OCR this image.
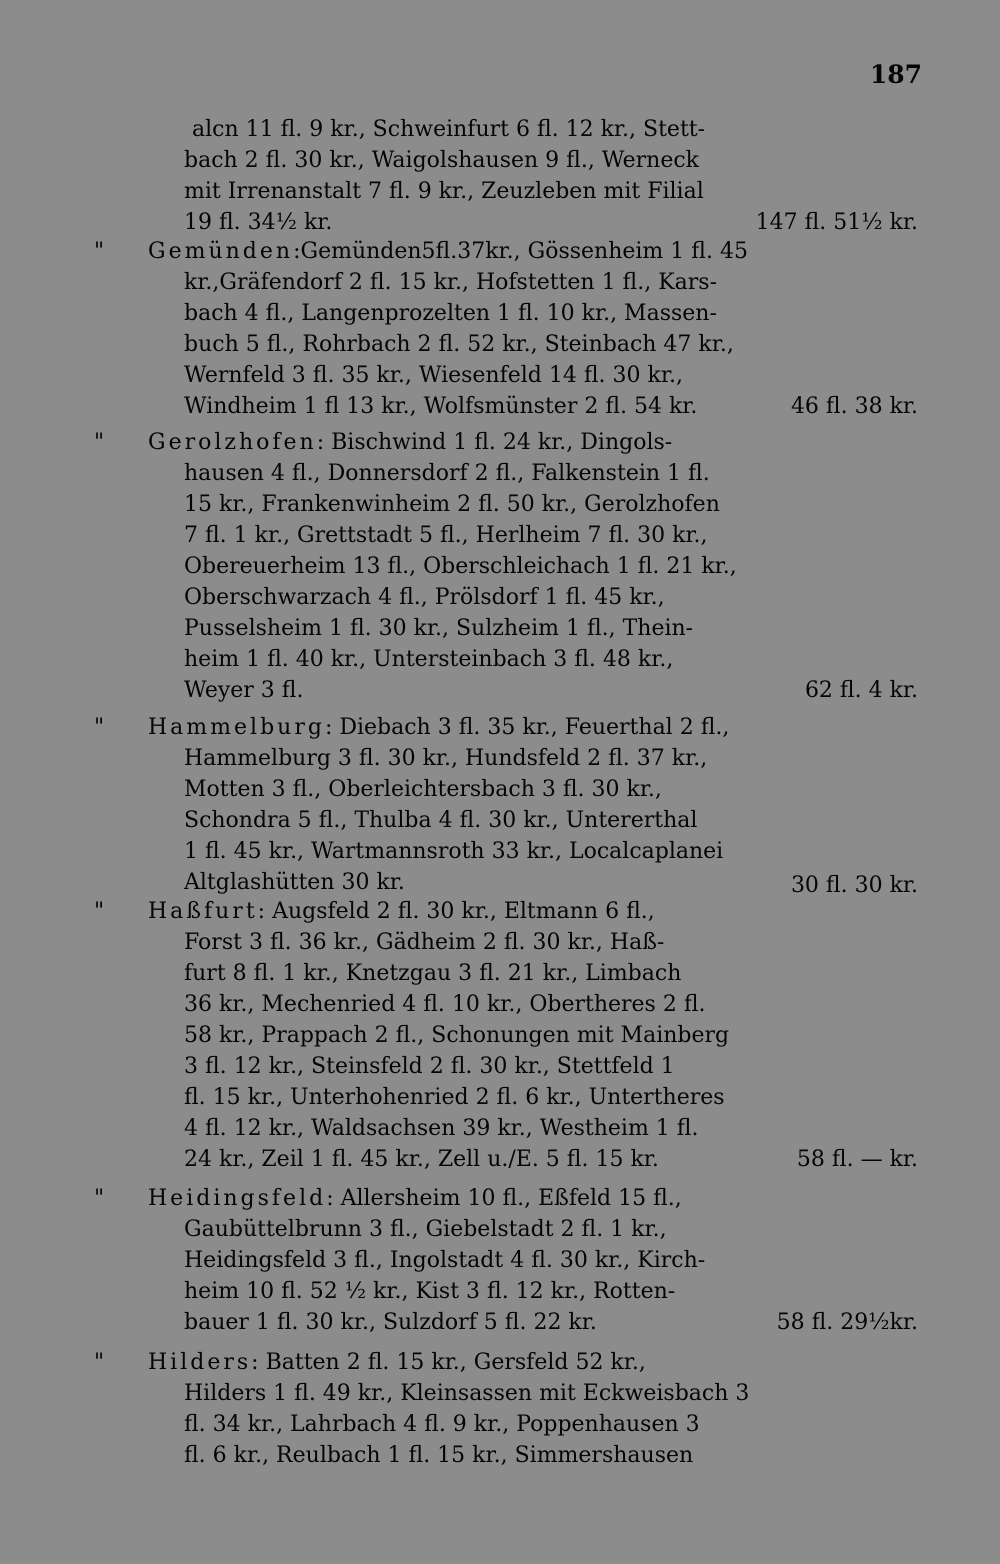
187
alcn 11 fl. 9 kr., Schweinfurt 6 fl. 12 kr., Stett-
bach 2 fl. 30 kr., Waigolshausen 9 fl., Werneck
mit Irrenanstalt 7 fl. 9 kr., Zeuzleben mit Filial
19 fl. 34½ kr.	147 fl. 51½ kr.
" Gemünden:Gemünden5fl.37kr., Gössenheim 1 fl. 45
kr.,Gräfendorf 2 fl. 15 kr., Hofstetten 1 fl., Kars-
bach 4 fl., Langenprozelten 1 fl. 10 kr., Massen-
buch 5 fl., Rohrbach 2 fl. 52 kr., Steinbach 47 kr.,
Wernfeld 3 fl. 35 kr., Wiesenfeld 14 fl. 30 kr.,
Windheim 1 fl 13 kr., Wolfsmünster 2 fl. 54 kr.	46 fl. 38 kr.
" Gerolzhofen: Bischwind 1 fl. 24 kr., Dingols-
hausen 4 fl., Donnersdorf 2 fl., Falkenstein 1 fl.
15 kr., Frankenwinheim 2 fl. 50 kr., Gerolzhofen
7 fl. 1 kr., Grettstadt 5 fl., Herlheim 7 fl. 30 kr.,
Obereuerheim 13 fl., Oberschleichach 1 fl. 21 kr.,
Oberschwarzach 4 fl., Prölsdorf 1 fl. 45 kr.,
Pusselsheim 1 fl. 30 kr., Sulzheim 1 fl., Thein-
heim 1 fl. 40 kr., Untersteinbach 3 fl. 48 kr.,
Weyer 3 fl.	62 fl. 4 kr.
" Hammelburg: Diebach 3 fl. 35 kr., Feuerthal 2 fl.,
Hammelburg 3 fl. 30 kr., Hundsfeld 2 fl. 37 kr.,
Motten 3 fl., Oberleichtersbach 3 fl. 30 kr.,
Schondra 5 fl., Thulba 4 fl. 30 kr., Untererthal
1 fl. 45 kr., Wartmannsroth 33 kr., Localcaplanei
Altglashütten 30 kr.	30 fl. 30 kr.
" Haßfurt: Augsfeld 2 fl. 30 kr., Eltmann 6 fl.,
Forst 3 fl. 36 kr., Gädheim 2 fl. 30 kr., Haß-
furt 8 fl. 1 kr., Knetzgau 3 fl. 21 kr., Limbach
36 kr., Mechenried 4 fl. 10 kr., Obertheres 2 fl.
58 kr., Prappach 2 fl., Schonungen mit Mainberg
3 fl. 12 kr., Steinsfeld 2 fl. 30 kr., Stettfeld 1
fl. 15 kr., Unterhohenried 2 fl. 6 kr., Untertheres
4 fl. 12 kr., Waldsachsen 39 kr., Westheim 1 fl.
24 kr., Zeil 1 fl. 45 kr., Zell u./E. 5 fl. 15 kr.	58 fl. — kr.
" Heidingsfeld: Allersheim 10 fl., Eßfeld 15 fl.,
Gaubüttelbrunn 3 fl., Giebelstadt 2 fl. 1 kr.,
Heidingsfeld 3 fl., Ingolstadt 4 fl. 30 kr., Kirch-
heim 10 fl. 52 ½ kr., Kist 3 fl. 12 kr., Rotten-
bauer 1 fl. 30 kr., Sulzdorf 5 fl. 22 kr.	58 fl. 29½kr.
" Hilders: Batten 2 fl. 15 kr., Gersfeld 52 kr.,
Hilders 1 fl. 49 kr., Kleinsassen mit Eckweisbach 3
fl. 34 kr., Lahrbach 4 fl. 9 kr., Poppenhausen 3
fl. 6 kr., Reulbach 1 fl. 15 kr., Simmershausen
